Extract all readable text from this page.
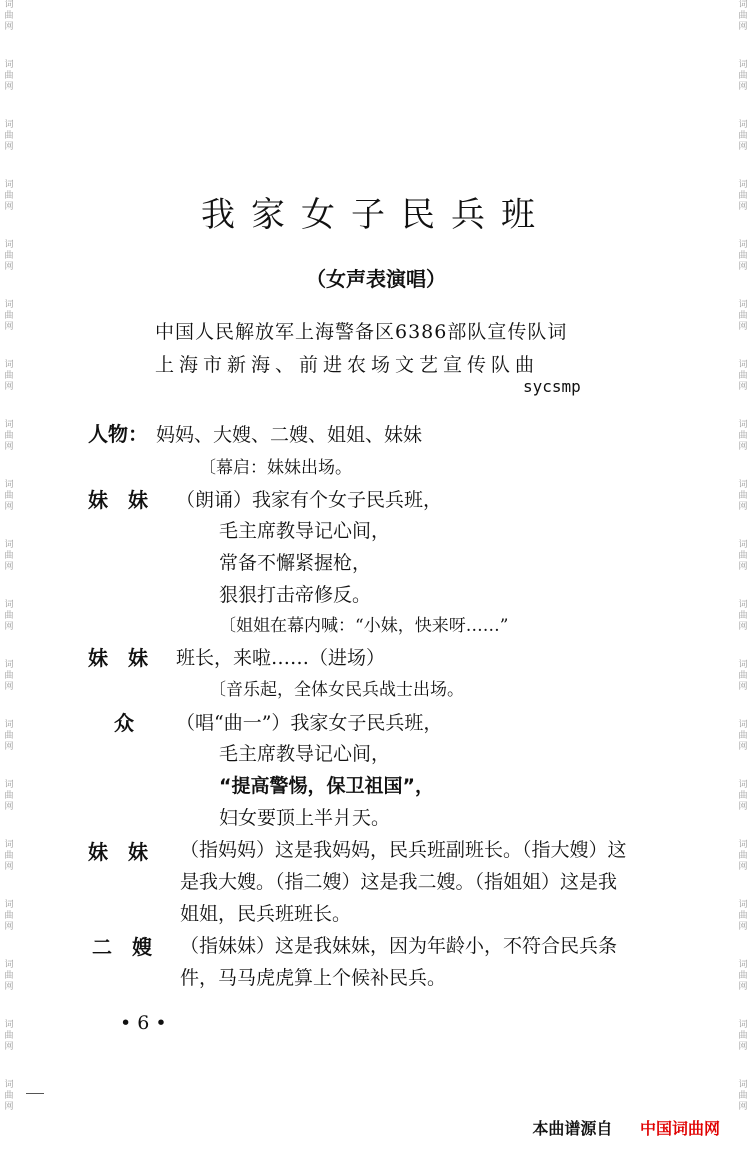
词
曲
网
词
曲
网
词
曲
网
词
曲
网
词
曲
网
词
曲
网
词
曲
网
词
曲
网
词
曲
网
词
曲
网
词
曲
网
词
曲
网
词
曲
网
词
曲
网
词
曲
网
词
曲
网
词
曲
网
词
曲
网
词
曲
网
词
曲
网
词
曲
网
词
曲
网
词
曲
网
词
曲
网
词
曲
网
词
曲
网
词
曲
网
词
曲
网
词
曲
网
词
曲
网
词
曲
网
词
曲
网
词
曲
网
词
曲
网
词
曲
网
词
曲
网
词
曲
网
词
曲
网
我家女子民兵班
（女声表演唱）
中国人民解放军上海警备区6386部队宣传队词
上海市新海、前进农场文艺宣传队曲
sycsmp
人物： 妈妈、大嫂、二嫂、姐姐、妹妹
〔幕启：妹妹出场。
妹　妹 （朗诵）我家有个女子民兵班，
毛主席教导记心间，
常备不懈紧握枪，
狠狠打击帝修反。
〔姐姐在幕内喊：“小妹，快来呀……”
妹　妹 班长，来啦……（进场）
〔音乐起，全体女民兵战士出场。
众 （唱“曲一”）我家女子民兵班，
毛主席教导记心间，
“提高警惕，保卫祖国”，
妇女要顶上半爿天。
妹　妹 （指妈妈）这是我妈妈，民兵班副班长。（指大嫂）这
是我大嫂。（指二嫂）这是我二嫂。（指姐姐）这是我
姐姐，民兵班班长。
二　嫂 （指妹妹）这是我妹妹，因为年龄小，不符合民兵条
件，马马虎虎算上个候补民兵。
• 6 •
本曲谱源自 中国词曲网
